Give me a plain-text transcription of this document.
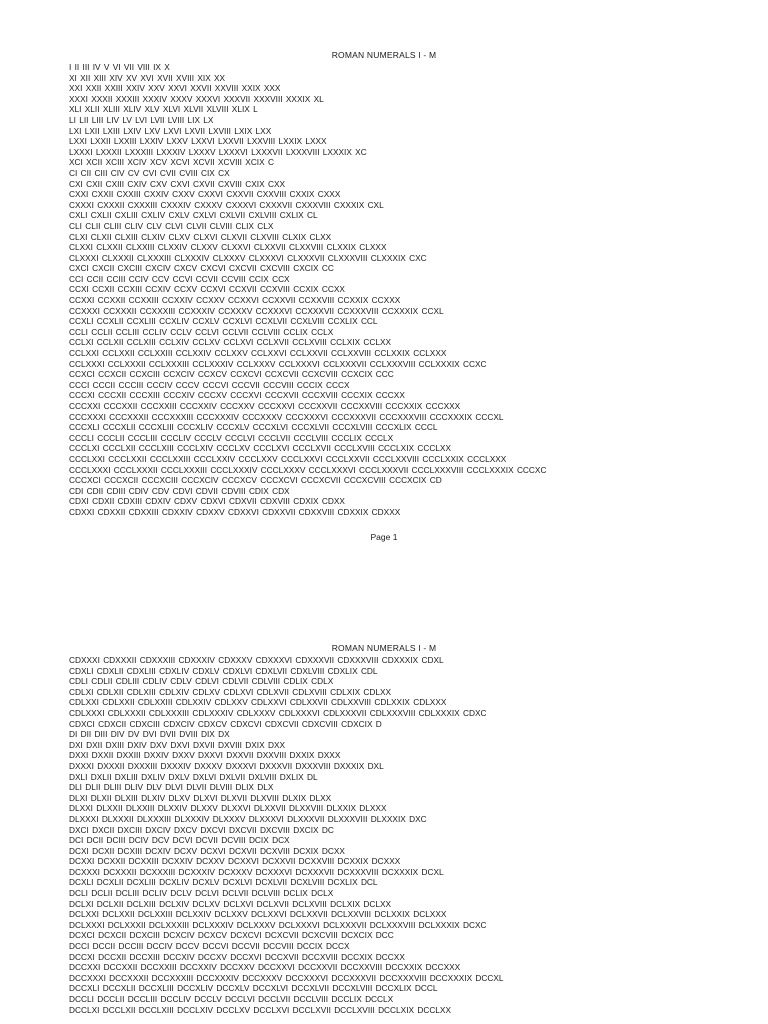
ROMAN NUMERALS I - M
I II III IV V VI VII VIII IX X
XI XII XIII XIV XV XVI XVII XVIII XIX XX
XXI XXII XXIII XXIV XXV XXVI XXVII XXVIII XXIX XXX
XXXI XXXII XXXIII XXXIV XXXV XXXVI XXXVII XXXVIII XXXIX XL
XLI XLII XLIII XLIV XLV XLVI XLVII XLVIII XLIX L
LI LII LIII LIV LV LVI LVII LVIII LIX LX
LXI LXII LXIII LXIV LXV LXVI LXVII LXVIII LXIX LXX
LXXI LXXII LXXIII LXXIV LXXV LXXVI LXXVII LXXVIII LXXIX LXXX
LXXXI LXXXII LXXXIII LXXXIV LXXXV LXXXVI LXXXVII LXXXVIII LXXXIX XC
XCI XCII XCIII XCIV XCV XCVI XCVII XCVIII XCIX C
CI CII CIII CIV CV CVI CVII CVIII CIX CX
CXI CXII CXIII CXIV CXV CXVI CXVII CXVIII CXIX CXX
CXXI CXXII CXXIII CXXIV CXXV CXXVI CXXVII CXXVIII CXXIX CXXX
CXXXI CXXXII CXXXIII CXXXIV CXXXV CXXXVI CXXXVII CXXXVIII CXXXIX CXL
CXLI CXLII CXLIII CXLIV CXLV CXLVI CXLVII CXLVIII CXLIX CL
CLI CLII CLIII CLIV CLV CLVI CLVII CLVIII CLIX CLX
CLXI CLXII CLXIII CLXIV CLXV CLXVI CLXVII CLXVIII CLXIX CLXX
CLXXI CLXXII CLXXIII CLXXIV CLXXV CLXXVI CLXXVII CLXXVIII CLXXIX CLXXX
CLXXXI CLXXXII CLXXXIII CLXXXIV CLXXXV CLXXXVI CLXXXVII CLXXXVIII CLXXXIX CXC
CXCI CXCII CXCIII CXCIV CXCV CXCVI CXCVII CXCVIII CXCIX CC
CCI CCII CCIII CCIV CCV CCVI CCVII CCVIII CCIX CCX
CCXI CCXII CCXIII CCXIV CCXV CCXVI CCXVII CCXVIII CCXIX CCXX
CCXXI CCXXII CCXXIII CCXXIV CCXXV CCXXVI CCXXVII CCXXVIII CCXXIX CCXXX
CCXXXI CCXXXII CCXXXIII CCXXXIV CCXXXV CCXXXVI CCXXXVII CCXXXVIII CCXXXIX CCXL
CCXLI CCXLII CCXLIII CCXLIV CCXLV CCXLVI CCXLVII CCXLVIII CCXLIX CCL
CCLI CCLII CCLIII CCLIV CCLV CCLVI CCLVII CCLVIII CCLIX CCLX
CCLXI CCLXII CCLXIII CCLXIV CCLXV CCLXVI CCLXVII CCLXVIII CCLXIX CCLXX
CCLXXI CCLXXII CCLXXIII CCLXXIV CCLXXV CCLXXVI CCLXXVII CCLXXVIII CCLXXIX CCLXXX
CCLXXXI CCLXXXII CCLXXXIII CCLXXXIV CCLXXXV CCLXXXVI CCLXXXVII CCLXXXVIII CCLXXXIX CCXC
CCXCI CCXCII CCXCIII CCXCIV CCXCV CCXCVI CCXCVII CCXCVIII CCXCIX CCC
CCCI CCCII CCCIII CCCIV CCCV CCCVI CCCVII CCCVIII CCCIX CCCX
CCCXI CCCXII CCCXIII CCCXIV CCCXV CCCXVI CCCXVII CCCXVIII CCCXIX CCCXX
CCCXXI CCCXXII CCCXXIII CCCXXIV CCCXXV CCCXXVI CCCXXVII CCCXXVIII CCCXXIX CCCXXX
CCCXXXI CCCXXXII CCCXXXIII CCCXXXIV CCCXXXV CCCXXXVI CCCXXXVII CCCXXXVIII CCCXXXIX CCCXL
CCCXLI CCCXLII CCCXLIII CCCXLIV CCCXLV CCCXLVI CCCXLVII CCCXLVIII CCCXLIX CCCL
CCCLI CCCLII CCCLIII CCCLIV CCCLV CCCLVI CCCLVII CCCLVIII CCCLIX CCCLX
CCCLXI CCCLXII CCCLXIII CCCLXIV CCCLXV CCCLXVI CCCLXVII CCCLXVIII CCCLXIX CCCLXX
CCCLXXI CCCLXXII CCCLXXIII CCCLXXIV CCCLXXV CCCLXXVI CCCLXXVII CCCLXXVIII CCCLXXIX CCCLXXX
CCCLXXXI CCCLXXXII CCCLXXXIII CCCLXXXIV CCCLXXXV CCCLXXXVI CCCLXXXVII CCCLXXXVIII CCCLXXXIX CCCXC
CCCXCI CCCXCII CCCXCIII CCCXCIV CCCXCV CCCXCVI CCCXCVII CCCXCVIII CCCXCIX CD
CDI CDII CDIII CDIV CDV CDVI CDVII CDVIII CDIX CDX
CDXI CDXII CDXIII CDXIV CDXV CDXVI CDXVII CDXVIII CDXIX CDXX
CDXXI CDXXII CDXXIII CDXXIV CDXXV CDXXVI CDXXVII CDXXVIII CDXXIX CDXXX
Page 1
ROMAN NUMERALS I - M
CDXXXI CDXXXII CDXXXIII CDXXXIV CDXXXV CDXXXVI CDXXXVII CDXXXVIII CDXXXIX CDXL
CDXLI CDXLII CDXLIII CDXLIV CDXLV CDXLVI CDXLVII CDXLVIII CDXLIX CDL
CDLI CDLII CDLIII CDLIV CDLV CDLVI CDLVII CDLVIII CDLIX CDLX
CDLXI CDLXII CDLXIII CDLXIV CDLXV CDLXVI CDLXVII CDLXVIII CDLXIX CDLXX
CDLXXI CDLXXII CDLXXIII CDLXXIV CDLXXV CDLXXVI CDLXXVII CDLXXVIII CDLXXIX CDLXXX
CDLXXXI CDLXXXII CDLXXXIII CDLXXXIV CDLXXXV CDLXXXVI CDLXXXVII CDLXXXVIII CDLXXXIX CDXC
CDXCI CDXCII CDXCIII CDXCIV CDXCV CDXCVI CDXCVII CDXCVIII CDXCIX D
DI DII DIII DIV DV DVI DVII DVIII DIX DX
DXI DXII DXIII DXIV DXV DXVI DXVII DXVIII DXIX DXX
DXXI DXXII DXXIII DXXIV DXXV DXXVI DXXVII DXXVIII DXXIX DXXX
DXXXI DXXXII DXXXIII DXXXIV DXXXV DXXXVI DXXXVII DXXXVIII DXXXIX DXL
DXLI DXLII DXLIII DXLIV DXLV DXLVI DXLVII DXLVIII DXLIX DL
DLI DLII DLIII DLIV DLV DLVI DLVII DLVIII DLIX DLX
DLXI DLXII DLXIII DLXIV DLXV DLXVI DLXVII DLXVIII DLXIX DLXX
DLXXI DLXXII DLXXIII DLXXIV DLXXV DLXXVI DLXXVII DLXXVIII DLXXIX DLXXX
DLXXXI DLXXXII DLXXXIII DLXXXIV DLXXXV DLXXXVI DLXXXVII DLXXXVIII DLXXXIX DXC
DXCI DXCII DXCIII DXCIV DXCV DXCVI DXCVII DXCVIII DXCIX DC
DCI DCII DCIII DCIV DCV DCVI DCVII DCVIII DCIX DCX
DCXI DCXII DCXIII DCXIV DCXV DCXVI DCXVII DCXVIII DCXIX DCXX
DCXXI DCXXII DCXXIII DCXXIV DCXXV DCXXVI DCXXVII DCXXVIII DCXXIX DCXXX
DCXXXI DCXXXII DCXXXIII DCXXXIV DCXXXV DCXXXVI DCXXXVII DCXXXVIII DCXXXIX DCXL
DCXLI DCXLII DCXLIII DCXLIV DCXLV DCXLVI DCXLVII DCXLVIII DCXLIX DCL
DCLI DCLII DCLIII DCLIV DCLV DCLVI DCLVII DCLVIII DCLIX DCLX
DCLXI DCLXII DCLXIII DCLXIV DCLXV DCLXVI DCLXVII DCLXVIII DCLXIX DCLXX
DCLXXI DCLXXII DCLXXIII DCLXXIV DCLXXV DCLXXVI DCLXXVII DCLXXVIII DCLXXIX DCLXXX
DCLXXXI DCLXXXII DCLXXXIII DCLXXXIV DCLXXXV DCLXXXVI DCLXXXVII DCLXXXVIII DCLXXXIX DCXC
DCXCI DCXCII DCXCIII DCXCIV DCXCV DCXCVI DCXCVII DCXCVIII DCXCIX DCC
DCCI DCCII DCCIII DCCIV DCCV DCCVI DCCVII DCCVIII DCCIX DCCX
DCCXI DCCXII DCCXIII DCCXIV DCCXV DCCXVI DCCXVII DCCXVIII DCCXIX DCCXX
DCCXXI DCCXXII DCCXXIII DCCXXIV DCCXXV DCCXXVI DCCXXVII DCCXXVIII DCCXXIX DCCXXX
DCCXXXI DCCXXXII DCCXXXIII DCCXXXIV DCCXXXV DCCXXXVI DCCXXXVII DCCXXXVIII DCCXXXIX DCCXL
DCCXLI DCCXLII DCCXLIII DCCXLIV DCCXLV DCCXLVI DCCXLVII DCCXLVIII DCCXLIX DCCL
DCCLI DCCLII DCCLIII DCCLIV DCCLV DCCLVI DCCLVII DCCLVIII DCCLIX DCCLX
DCCLXI DCCLXII DCCLXIII DCCLXIV DCCLXV DCCLXVI DCCLXVII DCCLXVIII DCCLXIX DCCLXX
